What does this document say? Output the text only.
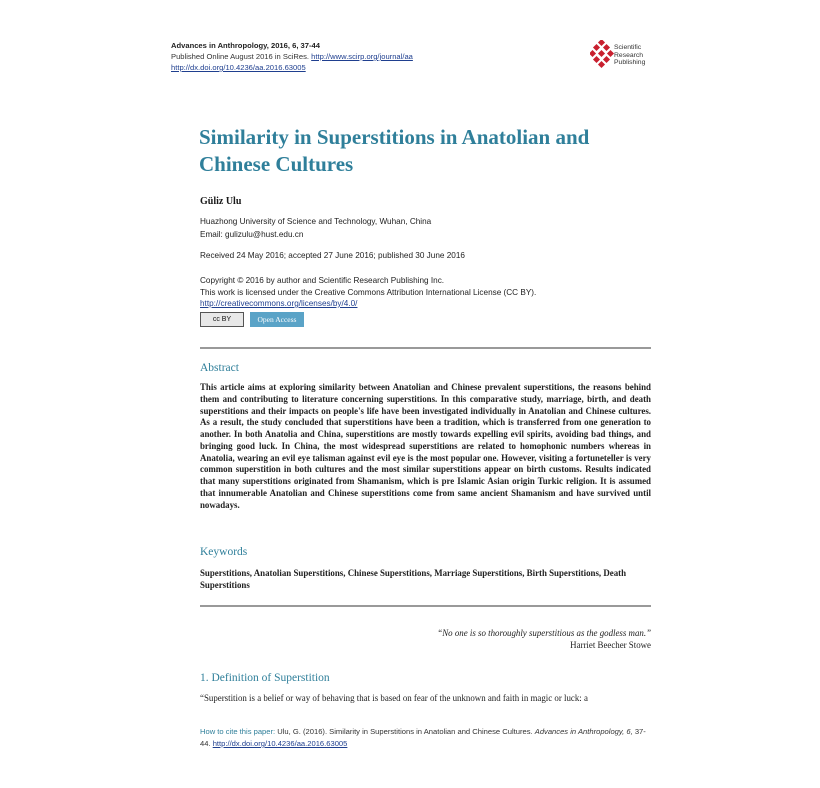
Advances in Anthropology, 2016, 6, 37-44
Published Online August 2016 in SciRes. http://www.scirp.org/journal/aa
http://dx.doi.org/10.4236/aa.2016.63005
Scientific
Research
Publishing
Similarity in Superstitions in Anatolian and
Chinese Cultures
Güliz Ulu
Huazhong University of Science and Technology, Wuhan, China
Email: gulizulu@hust.edu.cn
Received 24 May 2016; accepted 27 June 2016; published 30 June 2016
Copyright © 2016 by author and Scientific Research Publishing Inc.
This work is licensed under the Creative Commons Attribution International License (CC BY).
http://creativecommons.org/licenses/by/4.0/
cc BY	Open Access
Abstract

This article aims at exploring similarity between Anatolian and Chinese prevalent superstitions, the reasons behind them and contributing to literature concerning superstitions. In this comparative study, marriage, birth, and death superstitions and their impacts on people's life have been investigated individually in Anatolian and Chinese cultures. As a result, the study concluded that superstitions have been a tradition, which is transferred from one generation to another. In both Anatolia and China, superstitions are mostly towards expelling evil spirits, avoiding bad things, and bringing good luck. In China, the most widespread superstitions are related to homophonic numbers whereas in Anatolia, wearing an evil eye talisman against evil eye is the most popular one. However, visiting a fortuneteller is very common superstition in both cultures and the most similar superstitions appear on birth customs. Results indicated that many superstitions originated from Shamanism, which is pre Islamic Asian origin Turkic religion. It is assumed that innumerable Anatolian and Chinese superstitions come from same ancient Shamanism and have survived until nowadays.

Keywords

Superstitions, Anatolian Superstitions, Chinese Superstitions, Marriage Superstitions, Birth Superstitions, Death Superstitions

“No one is so thoroughly superstitious as the godless man.”
Harriet Beecher Stowe
1. Definition of Superstition
“Superstition is a belief or way of behaving that is based on fear of the unknown and faith in magic or luck: a
How to cite this paper: Ulu, G. (2016). Similarity in Superstitions in Anatolian and Chinese Cultures. Advances in Anthropology, 6, 37-44. http://dx.doi.org/10.4236/aa.2016.63005
